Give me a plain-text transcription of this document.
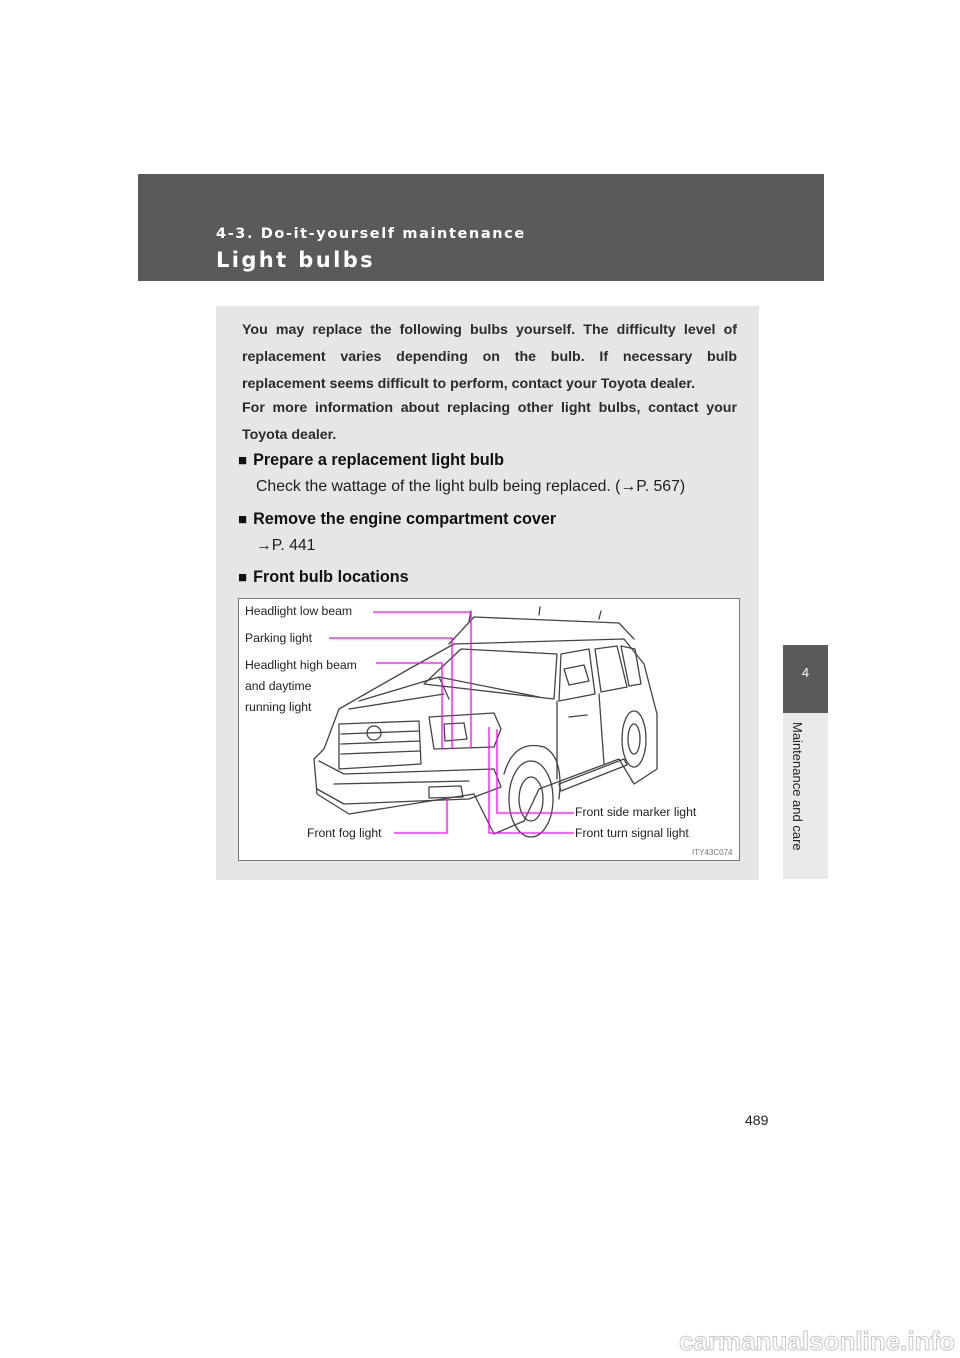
4-3. Do-it-yourself maintenance
Light bulbs
4
Maintenance and care

You may replace the following bulbs yourself. The difficulty level of replacement varies depending on the bulb. If necessary bulb replacement seems difficult to perform, contact your Toyota dealer.

For more information about replacing other light bulbs, contact your Toyota dealer.

■ Prepare a replacement light bulb
Check the wattage of the light bulb being replaced. (→P. 567)
■ Remove the engine compartment cover
→P. 441
■ Front bulb locations
Headlight low beam
Parking light
Headlight high beam
and daytime
running light
Front side marker light
Front fog light	Front turn signal light
ITY43C074
489
carmanualsonline.info
